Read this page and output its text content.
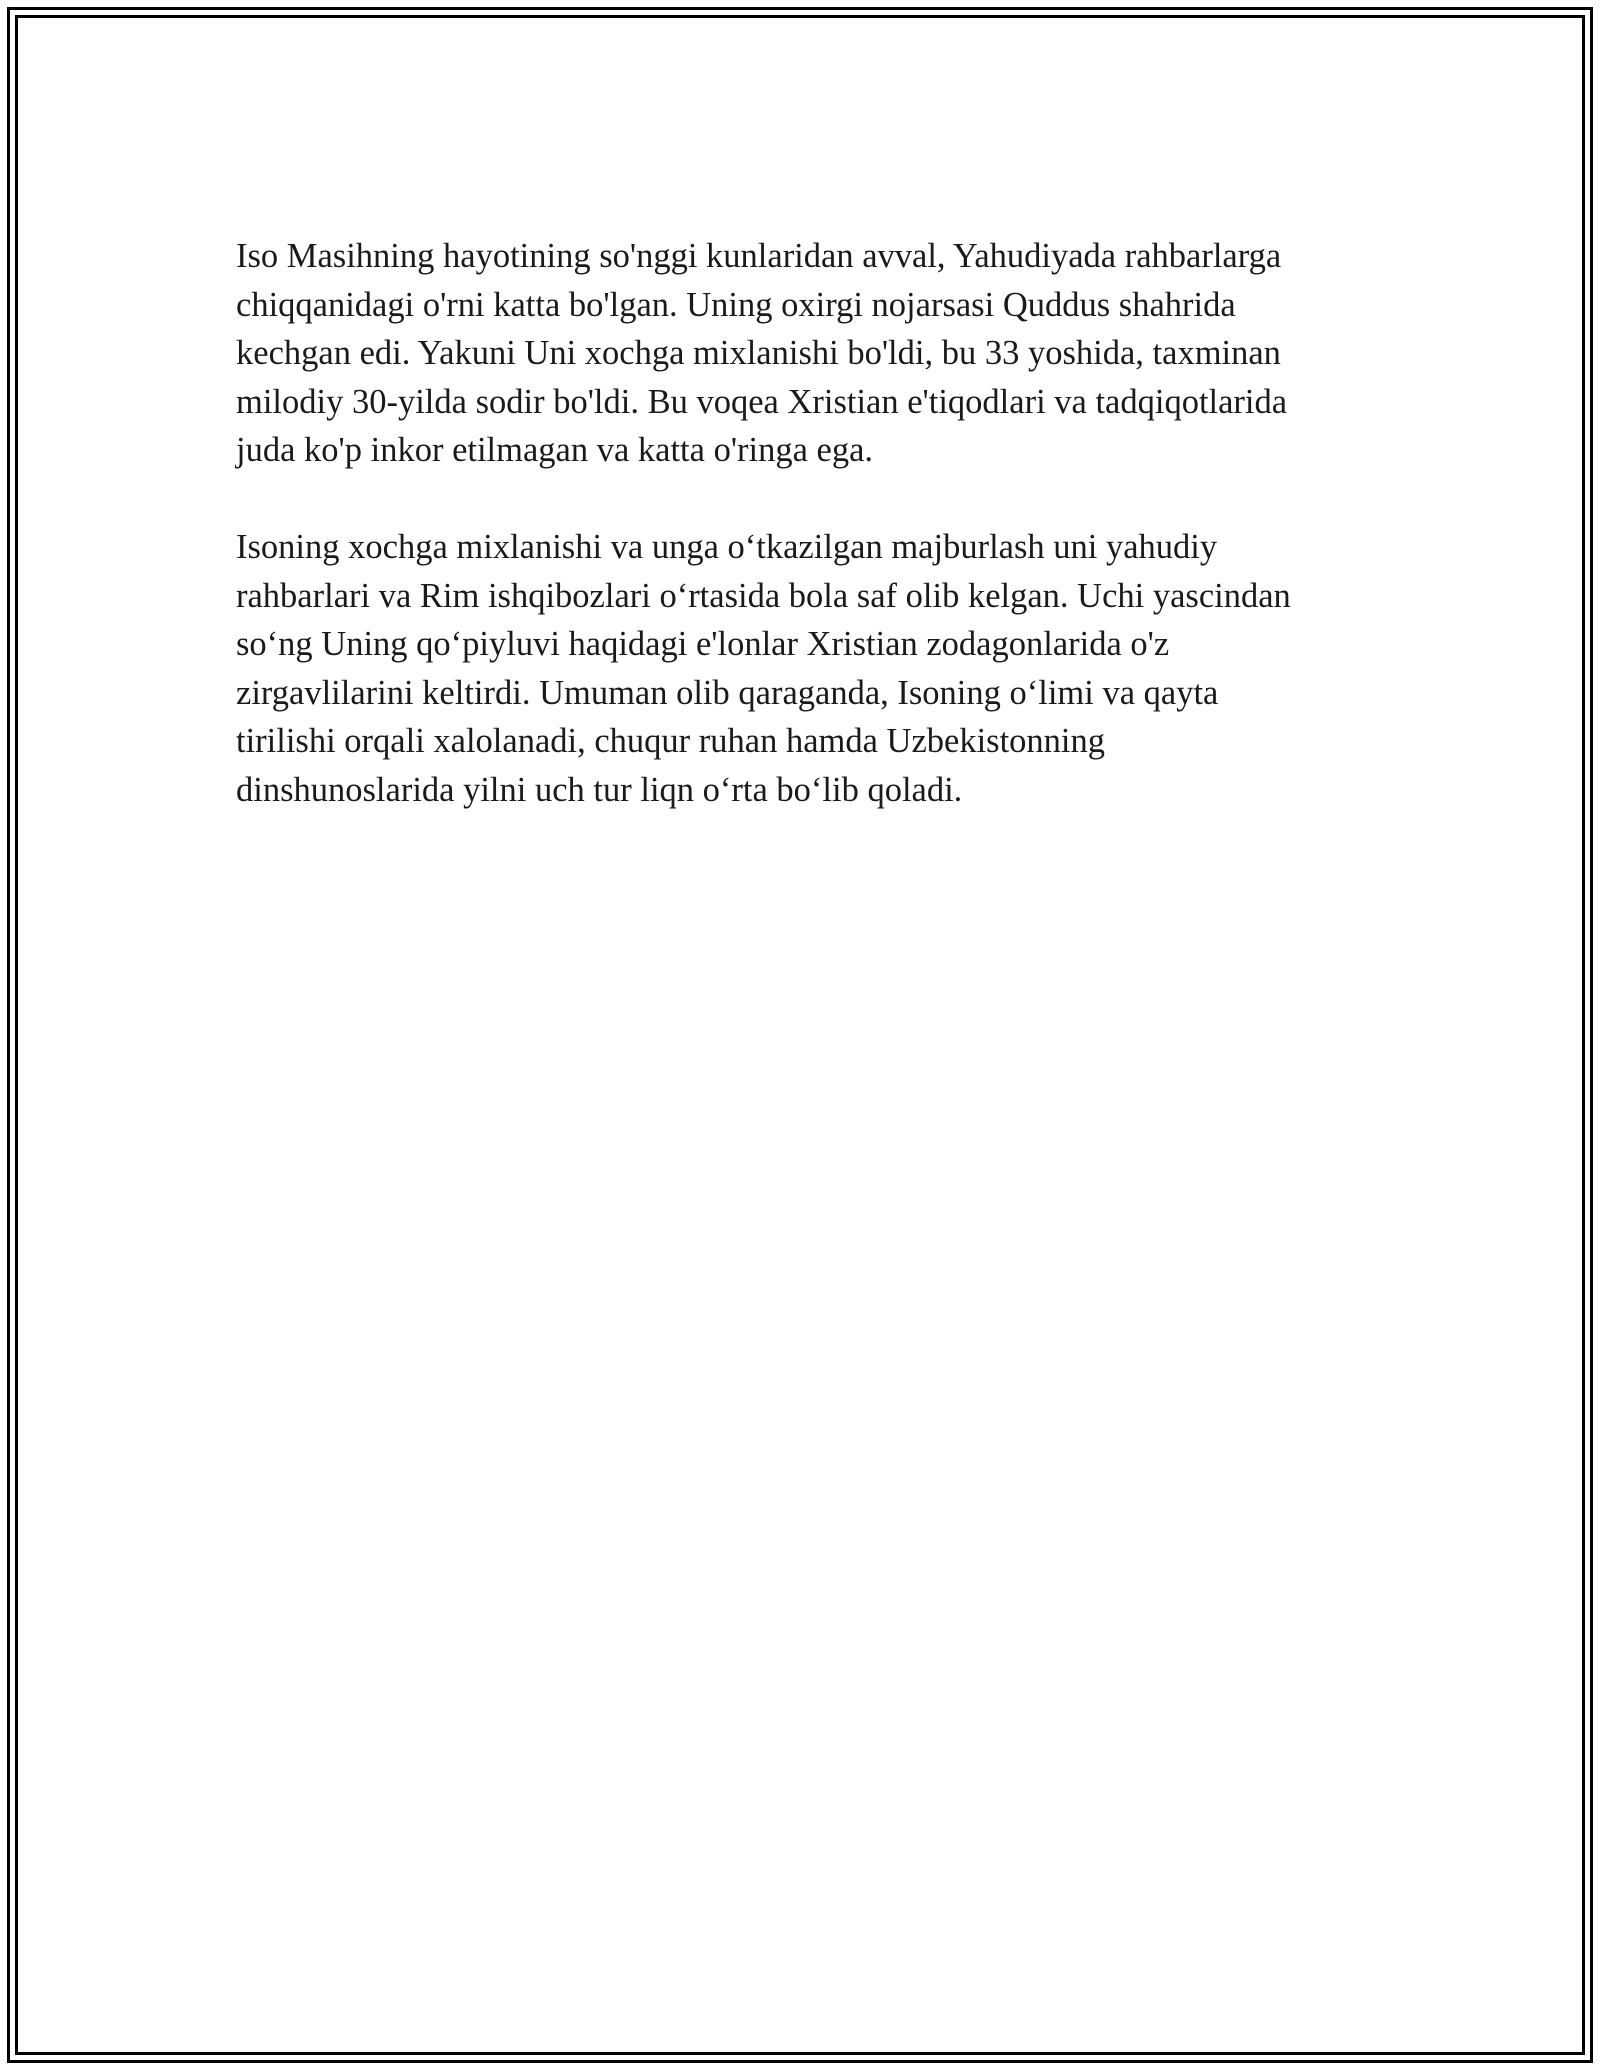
Iso Masihning hayotining so'nggi kunlaridan avval, Yahudiyada rahbarlarga
chiqqanidagi o'rni katta bo'lgan. Uning oxirgi nojarsasi Quddus shahrida
kechgan edi. Yakuni Uni xochga mixlanishi bo'ldi, bu 33 yoshida, taxminan
milodiy 30-yilda sodir bo'ldi. Bu voqea Xristian e'tiqodlari va tadqiqotlarida
juda ko'p inkor etilmagan va katta o'ringa ega.

Isoning xochga mixlanishi va unga o‘tkazilgan majburlash uni yahudiy
rahbarlari va Rim ishqibozlari o‘rtasida bola saf olib kelgan. Uchi yascindan
so‘ng Uning qo‘piyluvi haqidagi e'lonlar Xristian zodagonlarida o'z
zirgavlilarini keltirdi. Umuman olib qaraganda, Isoning o‘limi va qayta
tirilishi orqali xalolanadi, chuqur ruhan hamda Uzbekistonning
dinshunoslarida yilni uch tur liqn o‘rta bo‘lib qoladi.
